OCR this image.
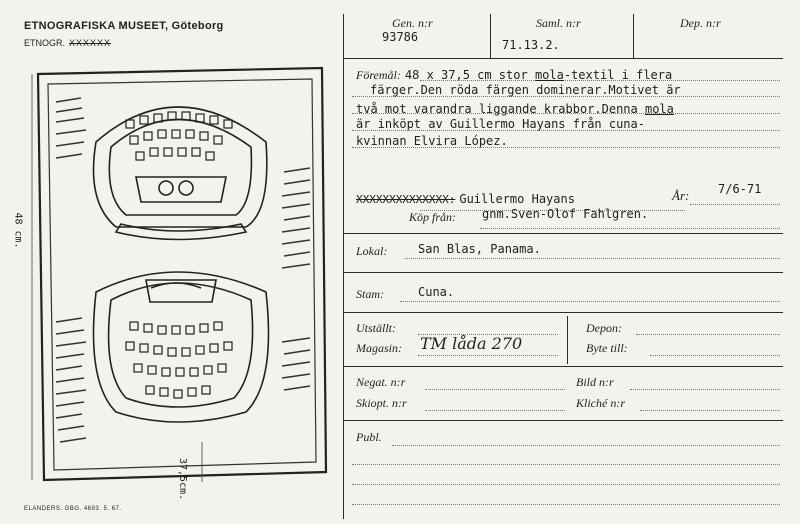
ETNOGRAFISKA MUSEET, Göteborg
ETNOGR. XXXXXX
48 cm.
37,5cm.
ELANDERS. GBG. 4693. 5. 67.
Gen. n:r
93786
Saml. n:r
71.13.2.
Dep. n:r
Föremål: 48 x 37,5 cm stor mola-textil i flera
färger.Den röda färgen dominerar.Motivet är
två mot varandra liggande krabbor.Denna mola
är inköpt av Guillermo Hayans från cuna-
kvinnan Elvira López.
XXXXXXXXXXXXXX: Guillermo Hayans	År: 7/6-71
Köp från: gnm.Sven-Olof Fahlgren.
Lokal:	San Blas, Panama.
Stam:	Cuna.
Utställt:
Magasin: TM låda 270
Depon:
Byte till:
Negat. n:r
Skiopt. n:r
Bild n:r
Kliché n:r
Publ.
